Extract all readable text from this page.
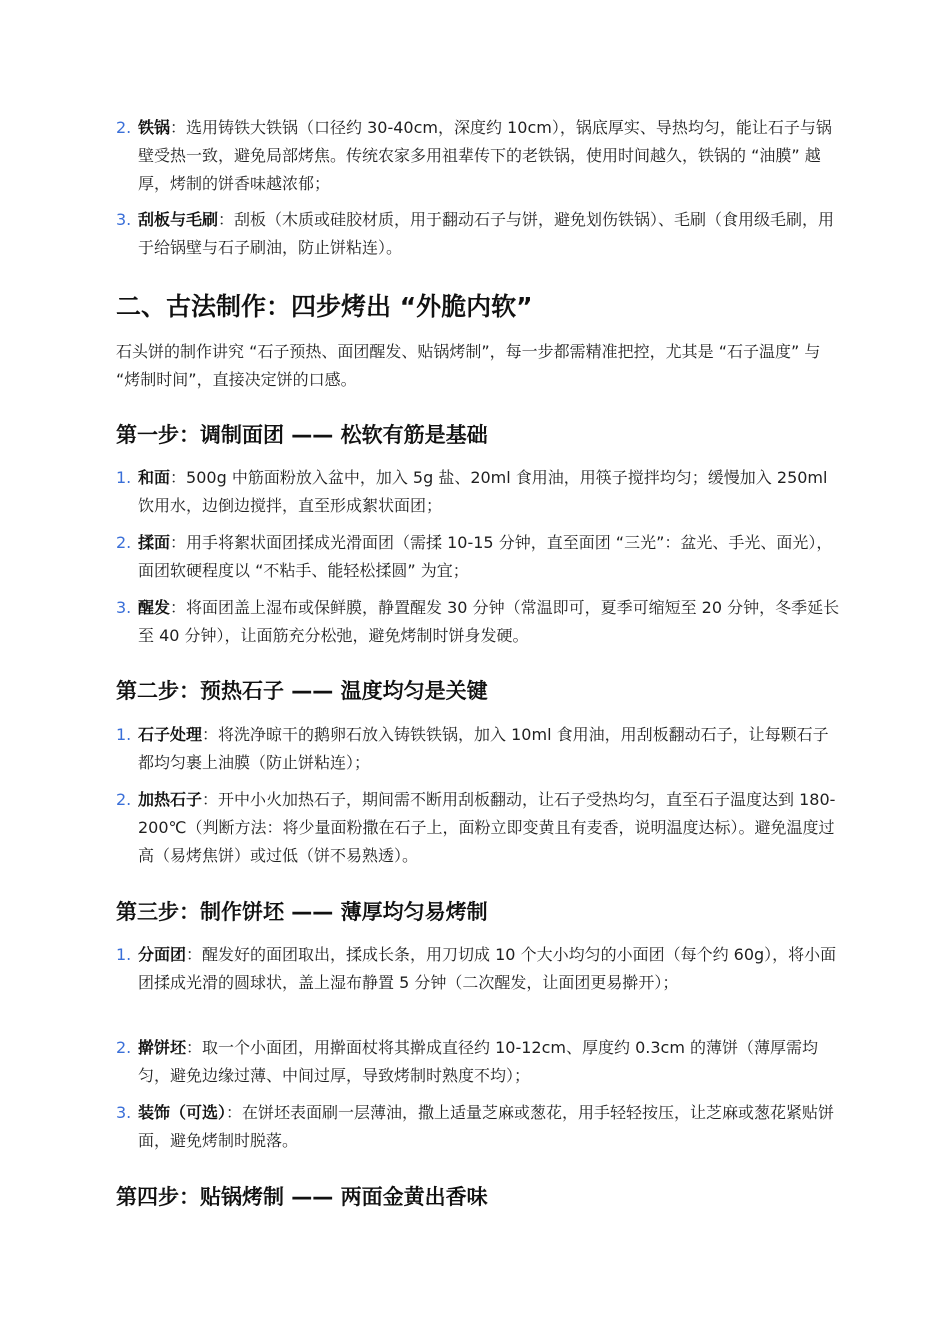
2. 铁锅：选用铸铁大铁锅（口径约 30-40cm，深度约 10cm），锅底厚实、导热均匀，能让石子与锅壁受热一致，避免局部烤焦。传统农家多用祖辈传下的老铁锅，使用时间越久，铁锅的 “油膜” 越厚，烤制的饼香味越浓郁；
3. 刮板与毛刷：刮板（木质或硅胶材质，用于翻动石子与饼，避免划伤铁锅）、毛刷（食用级毛刷，用于给锅壁与石子刷油，防止饼粘连）。
二、古法制作：四步烤出 “外脆内软”

石头饼的制作讲究 “石子预热、面团醒发、贴锅烤制”，每一步都需精准把控，尤其是 “石子温度” 与 “烤制时间”，直接决定饼的口感。

第一步：调制面团 —— 松软有筋是基础
1. 和面：500g 中筋面粉放入盆中，加入 5g 盐、20ml 食用油，用筷子搅拌均匀；缓慢加入 250ml 饮用水，边倒边搅拌，直至形成絮状面团；
2. 揉面：用手将絮状面团揉成光滑面团（需揉 10-15 分钟，直至面团 “三光”：盆光、手光、面光），面团软硬程度以 “不粘手、能轻松揉圆” 为宜；
3. 醒发：将面团盖上湿布或保鲜膜，静置醒发 30 分钟（常温即可，夏季可缩短至 20 分钟，冬季延长至 40 分钟），让面筋充分松弛，避免烤制时饼身发硬。
第二步：预热石子 —— 温度均匀是关键
1. 石子处理：将洗净晾干的鹅卵石放入铸铁铁锅，加入 10ml 食用油，用刮板翻动石子，让每颗石子都均匀裹上油膜（防止饼粘连）；
2. 加热石子：开中小火加热石子，期间需不断用刮板翻动，让石子受热均匀，直至石子温度达到 180-200℃（判断方法：将少量面粉撒在石子上，面粉立即变黄且有麦香，说明温度达标）。避免温度过高（易烤焦饼）或过低（饼不易熟透）。
第三步：制作饼坯 —— 薄厚均匀易烤制
1. 分面团：醒发好的面团取出，揉成长条，用刀切成 10 个大小均匀的小面团（每个约 60g），将小面团揉成光滑的圆球状，盖上湿布静置 5 分钟（二次醒发，让面团更易擀开）；
2. 擀饼坯：取一个小面团，用擀面杖将其擀成直径约 10-12cm、厚度约 0.3cm 的薄饼（薄厚需均匀，避免边缘过薄、中间过厚，导致烤制时熟度不均）；
3. 装饰（可选）：在饼坯表面刷一层薄油，撒上适量芝麻或葱花，用手轻轻按压，让芝麻或葱花紧贴饼面，避免烤制时脱落。
第四步：贴锅烤制 —— 两面金黄出香味
